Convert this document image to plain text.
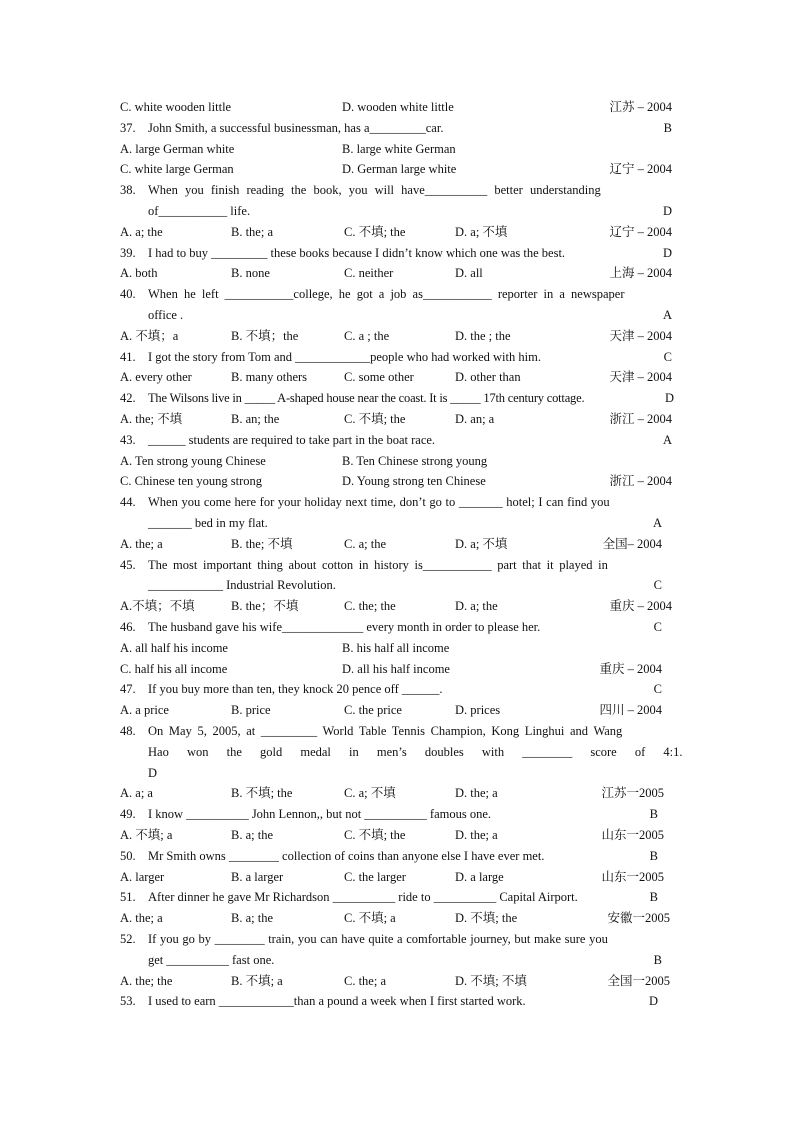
C. white wooden little	D. wooden white little	江苏 – 2004
37. John Smith, a successful businessman, has a_________car.	B
A. large German white	B. large white German
C. white large German	D. German large white	辽宁 – 2004
38. When you finish reading the book, you will have__________ better understanding
of___________ life.	D
A. a; the	B. the; a	C. 不填; the	D. a; 不填	辽宁 – 2004
39. I had to buy _________ these books because I didn’t know which one was the best.	D
A. both	B. none	C. neither	D. all	上海 – 2004
40. When he left ___________college, he got a job as___________ reporter in a newspaper
office .	A
A. 不填；a	B. 不填；the	C. a ; the	D. the ; the	天津 – 2004
41. I got the story from Tom and ____________people who had worked with him.	C
A. every other	B. many others	C. some other	D. other than	天津 – 2004
42. The Wilsons live in _____ A-shaped house near the coast. It is _____ 17th century cottage.	D
A. the; 不填	B. an; the	C. 不填; the	D. an; a	浙江 – 2004
43. ______ students are required to take part in the boat race.	A
A. Ten strong young Chinese	B. Ten Chinese strong young
C. Chinese ten young strong	D. Young strong ten Chinese	浙江 – 2004
44. When you come here for your holiday next time, don’t go to _______ hotel; I can find you
_______ bed in my flat.	A
A. the; a	B. the; 不填	C. a; the	D. a; 不填	全国– 2004
45. The most important thing about cotton in history is___________ part that it played in
____________ Industrial Revolution.	C
A.不填；不填	B. the；不填	C. the; the	D. a; the	重庆 – 2004
46. The husband gave his wife_____________ every month in order to please her.	C
A. all half his income	B. his half all income
C. half his all income	D. all his half income	重庆 – 2004
47. If you buy more than ten, they knock 20 pence off ______.	C
A. a price	B. price	C. the price	D. prices	四川 – 2004
48. On May 5, 2005, at _________ World Table Tennis Champion, Kong Linghui and Wang
Hao won the gold medal in men’s doubles with ________ score of 4:1.
D
A. a; a	B. 不填; the	C. a; 不填	D. the; a	江苏一2005
49. I know __________ John Lennon,, but not __________ famous one.	B
A. 不填; a	B. a; the	C. 不填; the	D. the; a	山东一2005
50. Mr Smith owns ________ collection of coins than anyone else I have ever met.	B
A. larger	B. a larger	C. the larger	D. a large	山东一2005
51. After dinner he gave Mr Richardson __________ ride to __________ Capital Airport.	B
A. the; a	B. a; the	C. 不填; a	D. 不填; the	安徽一2005
52. If you go by ________ train, you can have quite a comfortable journey, but make sure you
get __________ fast one.	B
A. the; the	B. 不填; a	C. the; a	D. 不填; 不填	全国一2005
53. I used to earn ____________than a pound a week when I first started work.	D
